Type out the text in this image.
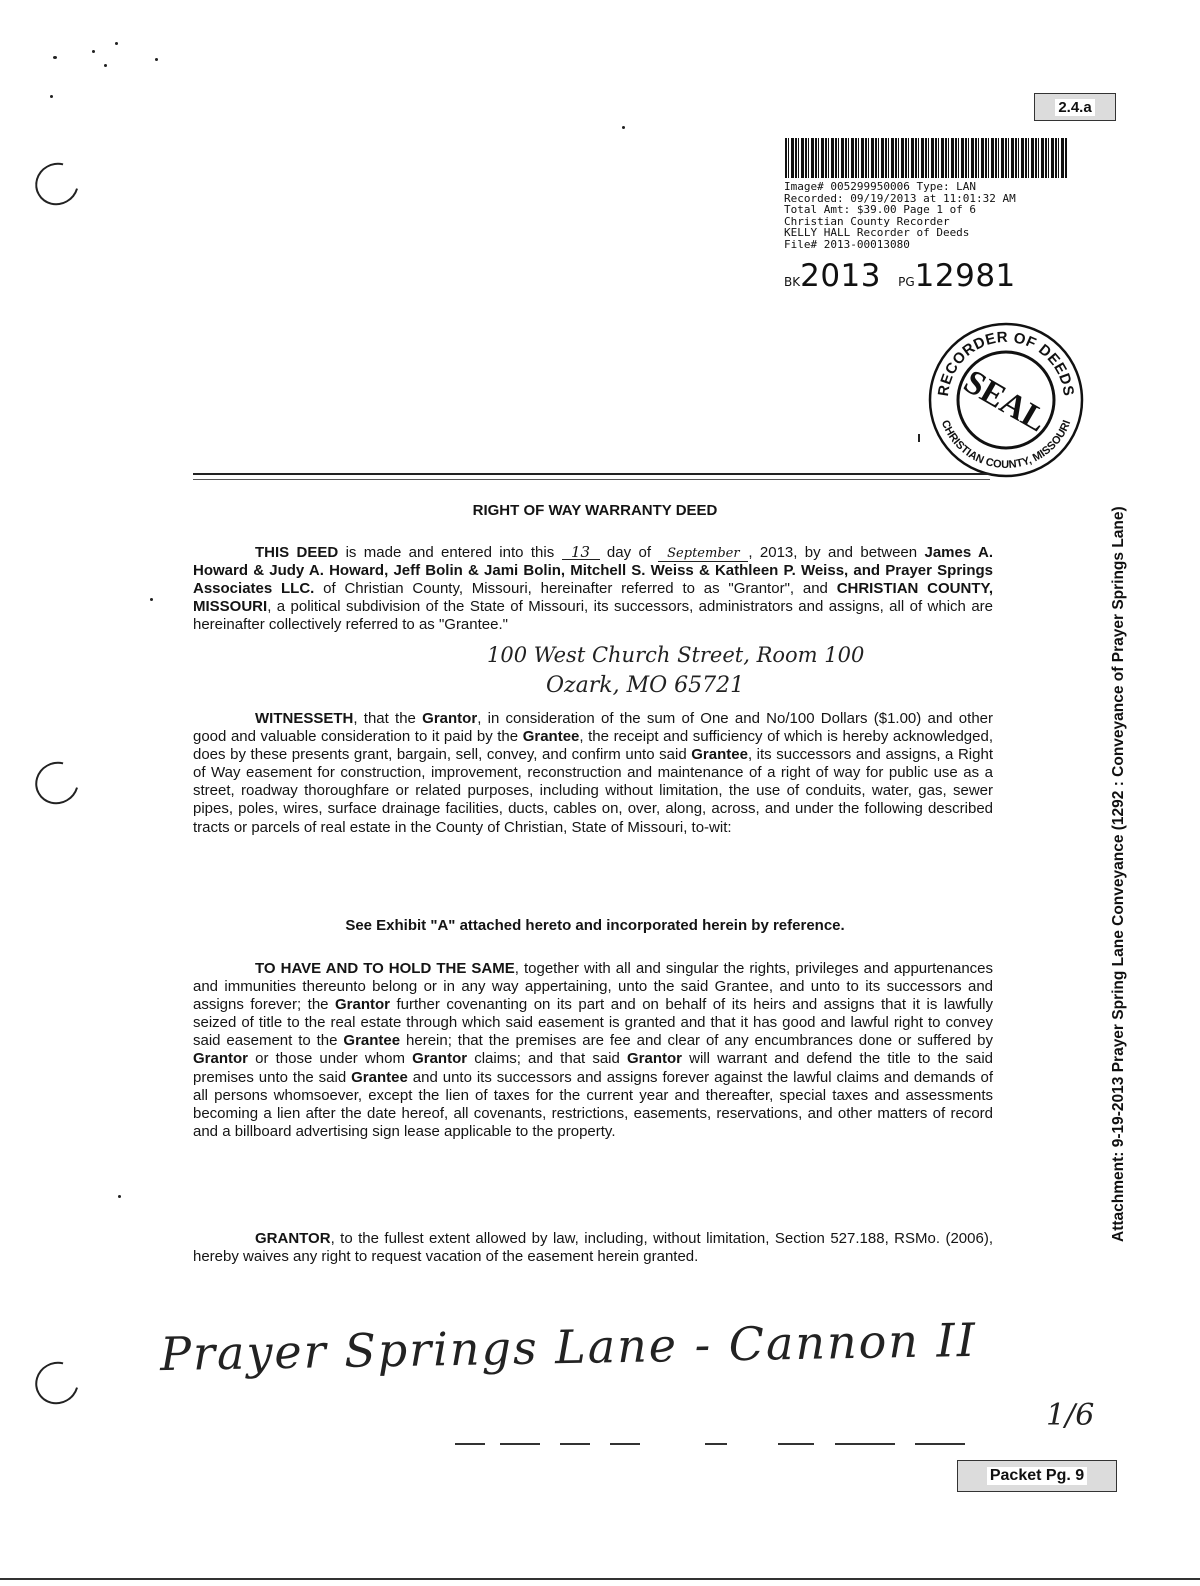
2.4.a
Image# 005299950006 Type: LAN
Recorded: 09/19/2013 at 11:01:32 AM
Total Amt: $39.00 Page 1 of 6
Christian County Recorder
KELLY HALL Recorder of Deeds
File# 2013-00013080
BK2013 PG12981
RECORDER OF DEEDS
CHRISTIAN COUNTY, MISSOURI
SEAL
RIGHT OF WAY WARRANTY DEED
THIS DEED is made and entered into this 13 day of September , 2013, by and between James A. Howard & Judy A. Howard, Jeff Bolin & Jami Bolin, Mitchell S. Weiss & Kathleen P. Weiss, and Prayer Springs Associates LLC. of Christian County, Missouri, hereinafter referred to as "Grantor", and CHRISTIAN COUNTY, MISSOURI, a political subdivision of the State of Missouri, its successors, administrators and assigns, all of which are hereinafter collectively referred to as "Grantee."
100 West Church Street, Room 100
Ozark, MO 65721
WITNESSETH, that the Grantor, in consideration of the sum of One and No/100 Dollars ($1.00) and other good and valuable consideration to it paid by the Grantee, the receipt and sufficiency of which is hereby acknowledged, does by these presents grant, bargain, sell, convey, and confirm unto said Grantee, its successors and assigns, a Right of Way easement for construction, improvement, reconstruction and maintenance of a right of way for public use as a street, roadway thoroughfare or related purposes, including without limitation, the use of conduits, water, gas, sewer pipes, poles, wires, surface drainage facilities, ducts, cables on, over, along, across, and under the following described tracts or parcels of real estate in the County of Christian, State of Missouri, to-wit:
See Exhibit "A" attached hereto and incorporated herein by reference.
TO HAVE AND TO HOLD THE SAME, together with all and singular the rights, privileges and appurtenances and immunities thereunto belong or in any way appertaining, unto the said Grantee, and unto to its successors and assigns forever; the Grantor further covenanting on its part and on behalf of its heirs and assigns that it is lawfully seized of title to the real estate through which said easement is granted and that it has good and lawful right to convey said easement to the Grantee herein; that the premises are fee and clear of any encumbrances done or suffered by Grantor or those under whom Grantor claims; and that said Grantor will warrant and defend the title to the said premises unto the said Grantee and unto its successors and assigns forever against the lawful claims and demands of all persons whomsoever, except the lien of taxes for the current year and thereafter, special taxes and assessments becoming a lien after the date hereof, all covenants, restrictions, easements, reservations, and other matters of record and a billboard advertising sign lease applicable to the property.
GRANTOR, to the fullest extent allowed by law, including, without limitation, Section 527.188, RSMo. (2006), hereby waives any right to request vacation of the easement herein granted.
Prayer Springs Lane - Cannon II
1/6
Packet Pg. 9
Attachment: 9-19-2013 Prayer Spring Lane Conveyance (1292 : Conveyance of Prayer Springs Lane)
